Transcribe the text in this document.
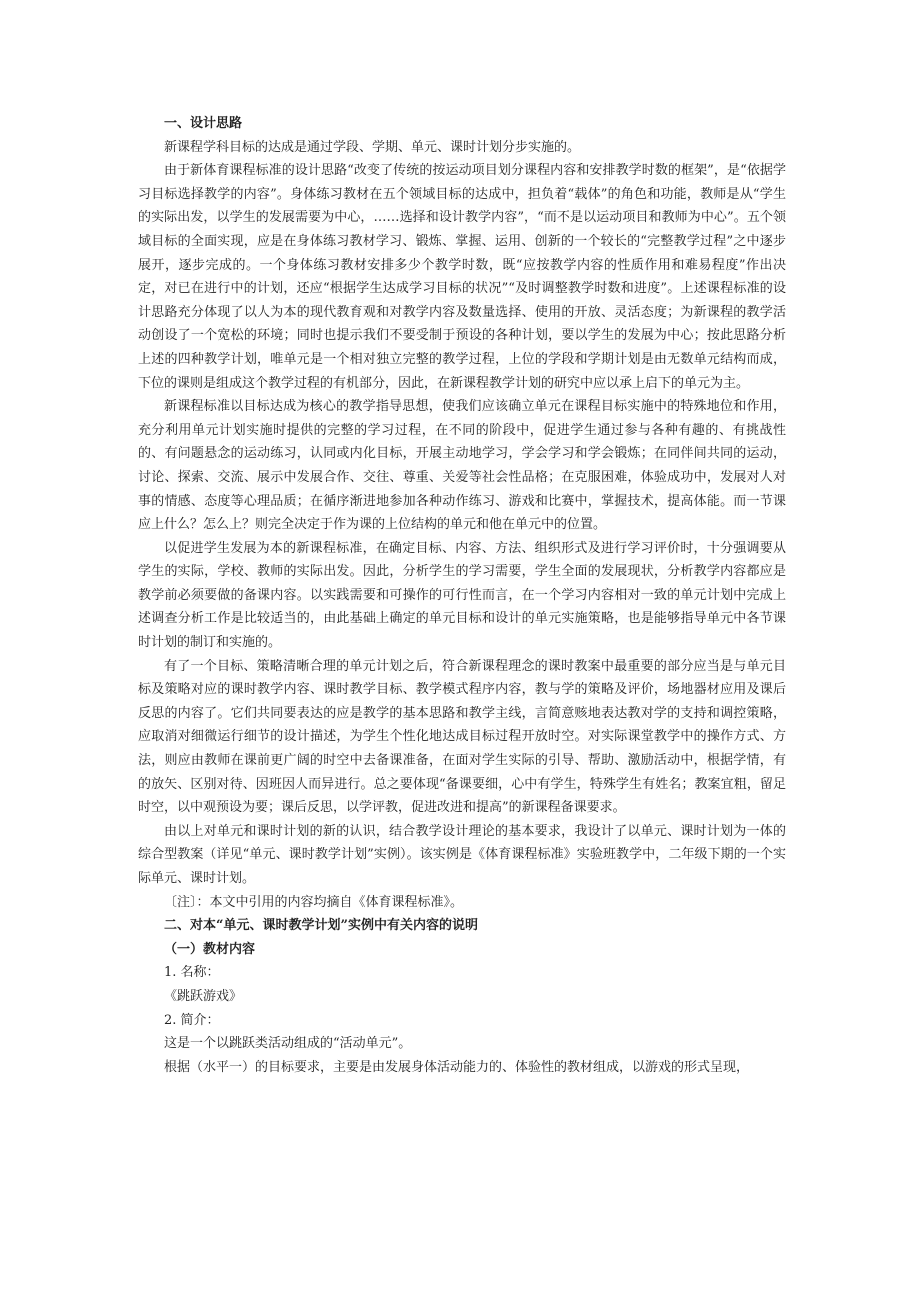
一、设计思路

新课程学科目标的达成是通过学段、学期、单元、课时计划分步实施的。

由于新体育课程标准的设计思路“改变了传统的按运动项目划分课程内容和安排教学时数的框架”，是“依据学习目标选择教学的内容”。身体练习教材在五个领域目标的达成中，担负着“载体”的角色和功能，教师是从“学生的实际出发，以学生的发展需要为中心，……选择和设计教学内容”，“而不是以运动项目和教师为中心”。五个领域目标的全面实现，应是在身体练习教材学习、锻炼、掌握、运用、创新的一个较长的“完整教学过程”之中逐步展开，逐步完成的。一个身体练习教材安排多少个教学时数，既“应按教学内容的性质作用和难易程度”作出决定，对已在进行中的计划，还应“根据学生达成学习目标的状况”“及时调整教学时数和进度”。上述课程标准的设计思路充分体现了以人为本的现代教育观和对教学内容及数量选择、使用的开放、灵活态度；为新课程的教学活动创设了一个宽松的环境；同时也提示我们不要受制于预设的各种计划，要以学生的发展为中心；按此思路分析上述的四种教学计划，唯单元是一个相对独立完整的教学过程，上位的学段和学期计划是由无数单元结构而成，下位的课则是组成这个教学过程的有机部分，因此，在新课程教学计划的研究中应以承上启下的单元为主。

新课程标准以目标达成为核心的教学指导思想，使我们应该确立单元在课程目标实施中的特殊地位和作用，充分利用单元计划实施时提供的完整的学习过程，在不同的阶段中，促进学生通过参与各种有趣的、有挑战性的、有问题悬念的运动练习，认同或内化目标，开展主动地学习，学会学习和学会锻炼；在同伴间共同的运动，讨论、探索、交流、展示中发展合作、交往、尊重、关爱等社会性品格；在克服困难，体验成功中，发展对人对事的情感、态度等心理品质；在循序渐进地参加各种动作练习、游戏和比赛中，掌握技术，提高体能。而一节课应上什么？怎么上？则完全决定于作为课的上位结构的单元和他在单元中的位置。

以促进学生发展为本的新课程标准，在确定目标、内容、方法、组织形式及进行学习评价时，十分强调要从学生的实际，学校、教师的实际出发。因此，分析学生的学习需要，学生全面的发展现状，分析教学内容都应是教学前必须要做的备课内容。以实践需要和可操作的可行性而言，在一个学习内容相对一致的单元计划中完成上述调查分析工作是比较适当的，由此基础上确定的单元目标和设计的单元实施策略，也是能够指导单元中各节课时计划的制订和实施的。

有了一个目标、策略清晰合理的单元计划之后，符合新课程理念的课时教案中最重要的部分应当是与单元目标及策略对应的课时教学内容、课时教学目标、教学模式程序内容，教与学的策略及评价，场地器材应用及课后反思的内容了。它们共同要表达的应是教学的基本思路和教学主线，言简意赅地表达教对学的支持和调控策略，应取消对细微运行细节的设计描述，为学生个性化地达成目标过程开放时空。对实际课堂教学中的操作方式、方法，则应由教师在课前更广阔的时空中去备课准备，在面对学生实际的引导、帮助、激励活动中，根据学情，有的放矢、区别对待、因班因人而异进行。总之要体现“备课要细，心中有学生，特殊学生有姓名；教案宜粗，留足时空，以中观预设为要；课后反思，以学评教，促进改进和提高”的新课程备课要求。

由以上对单元和课时计划的新的认识，结合教学设计理论的基本要求，我设计了以单元、课时计划为一体的综合型教案（详见“单元、课时教学计划”实例）。该实例是《体育课程标准》实验班教学中，二年级下期的一个实际单元、课时计划。

〔注〕：本文中引用的内容均摘自《体育课程标准》。

二、对本“单元、课时教学计划”实例中有关内容的说明

（一）教材内容

1. 名称：

《跳跃游戏》

2. 简介：

这是一个以跳跃类活动组成的“活动单元”。

根据（水平一）的目标要求，主要是由发展身体活动能力的、体验性的教材组成，以游戏的形式呈现，
